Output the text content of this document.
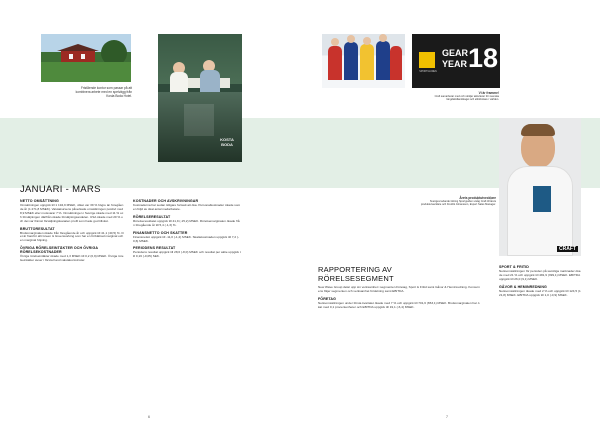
Fristående kontor som passar på att kombinera arbete med en spelvägg från Kosta Boda Hotel.
KOSTA BODA
JANUARI - MARS
NETTO OMSÄTTNING
Omsättningen uppgick till 1 194,9 MSEK, vilket var 39 % högre än föregående år (1 271,8 MSEK). Valutakursens påverkade omsättningen positivt med 8,9 MSEK eller motsvarar 7 %. Omsättningen i Sverige ökade med 11 % och försäljningen därifrån ökade försäljningsandelen. USA ökade med 20 % och det var främst försäljningskanalen profil som hade god tillväxt.
BRUTTORESULTAT
Bruttomarginalen ökade från föregående år och uppgick till 41,1 (40,5) %. Det är framför allt Green & Greenworking som har en förbättrad marginal och en marginal höjning.
ÖVRIGA RÖRELSEINTÄKTER OCH ÖVRIGA RÖRELSEKOSTNADER
Övriga rörelseintäkter ökade med 1,3 MSEK till 0,2 (0,9) MSEK. Övriga rörelseintäkter avser i första hand valutakursvinster.
KOSTNADER OCH AVSKRIVNINGAR
Kostnaderna har sedan tidigare fortsatt att öka. Personalkostnader ökade som en följd av ökat antal medarbetare.
RÖRELSERESULTAT
Rörelseresultatet uppgick till 41,9 (-15,2) MSEK. Rörelsemarginalen ökade från föregående år till 5,4 (-1,3) %.
FINANSNETTO OCH SKATTER
Finansnettot uppgick till -11,0 (-1,2) MSEK. Skattekostnaden uppgick till 7,2 (-0,6) MSEK.
PERIODENS RESULTAT
Periodens resultat uppgick till 28,6 (-8,0) MSEK och resultat per aktie uppgick till 0,16 (-0,05) SEK.
6
SPORTGUIDEN
GEAR
YEAR 18
Vi är framme!
Craft samarbetar med och stödjer aktiviteter för svenska längdskidlandslaget och elitidrottare i världen.
CRAFT
Årets produktutvecklare
Sveriges ledande tidning Sportguiden utsåg Craft till årets produktutvecklare och Fredrik Johansson, Expert Sales Manager.
RAPPORTERING AV
RÖRELSESEGMENT
New Wave Group delar upp sin verksamhet i segmenten Företag, Sport & Fritid samt Gåvor & Heminredning. Koncernens följer segmenten och verksamhet fördelning samt EBITDA.
FÖRETAG
Nettoomsättningen under första kvartalet ökade med 7 % och uppgick till 701,6 (653,1) MSEK. Bruttomarginalen har ökat med 0,1 procentenheter och EBITDA uppgick till 19,1 (-6,4) MSEK.
SPORT & FRITID
Nettoomsättningen för perioden på samtliga marknader ökade med 21 % och uppgick till 481,9 (399,1) MSEK. EBITDA uppgick till 26,0 (9,1) MSEK.
GÅVOR & HEMINREDNING
Nettoomsättningen ökade med 2 % och uppgick till 124,5 (121,8) MSEK. EBITDA uppgick till 1,0 (-0,9) MSEK.
7
